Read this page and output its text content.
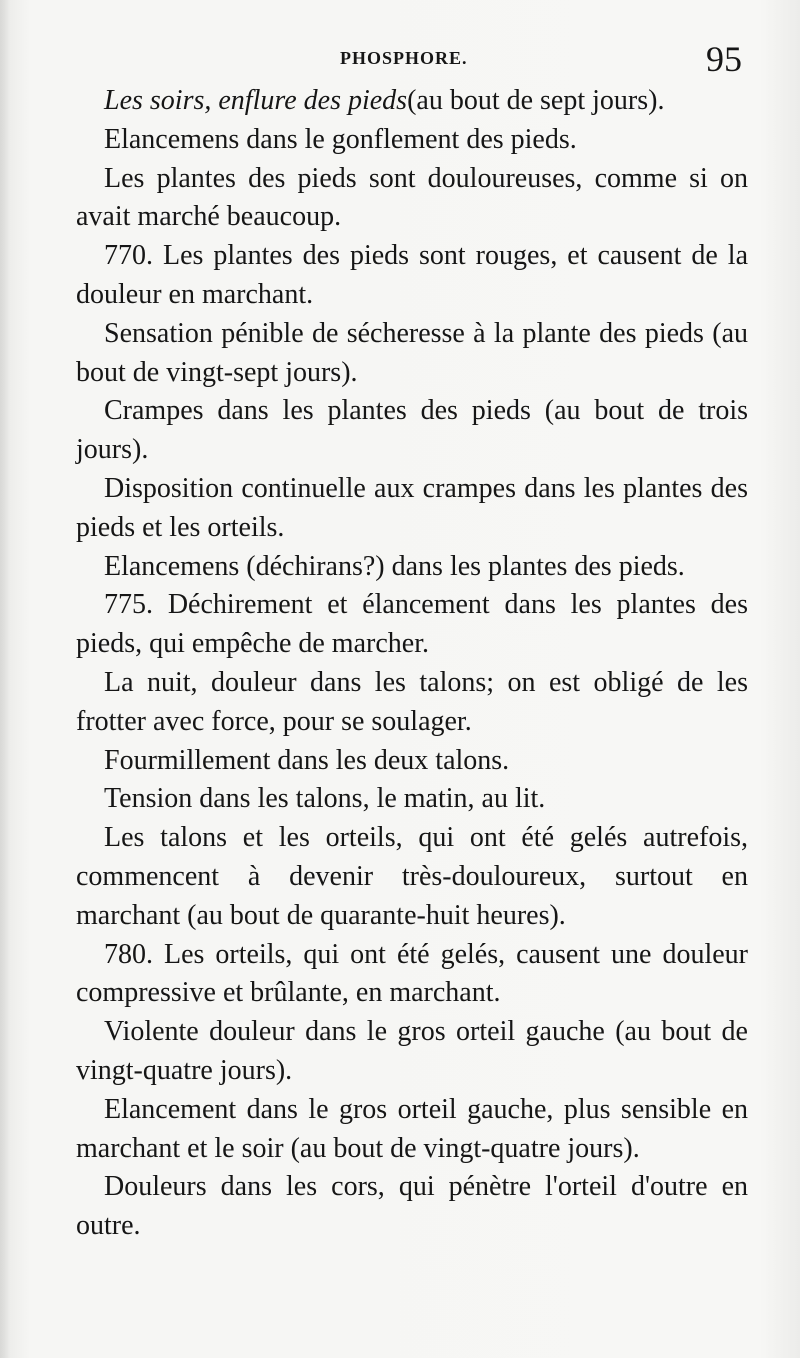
PHOSPHORE.	95

Les soirs, enflure des pieds(au bout de sept jours).

Elancemens dans le gonflement des pieds.

Les plantes des pieds sont douloureuses, comme si on avait marché beaucoup.

770. Les plantes des pieds sont rouges, et causent de la douleur en marchant.

Sensation pénible de sécheresse à la plante des pieds (au bout de vingt-sept jours).

Crampes dans les plantes des pieds (au bout de trois jours).

Disposition continuelle aux crampes dans les plantes des pieds et les orteils.

Elancemens (déchirans?) dans les plantes des pieds.

775. Déchirement et élancement dans les plantes des pieds, qui empêche de marcher.

La nuit, douleur dans les talons; on est obligé de les frotter avec force, pour se soulager.

Fourmillement dans les deux talons.

Tension dans les talons, le matin, au lit.

Les talons et les orteils, qui ont été gelés autrefois, commencent à devenir très-douloureux, surtout en marchant (au bout de quarante-huit heures).

780. Les orteils, qui ont été gelés, causent une douleur compressive et brûlante, en marchant.

Violente douleur dans le gros orteil gauche (au bout de vingt-quatre jours).

Elancement dans le gros orteil gauche, plus sensible en marchant et le soir (au bout de vingt-quatre jours).

Douleurs dans les cors, qui pénètre l'orteil d'outre en outre.
